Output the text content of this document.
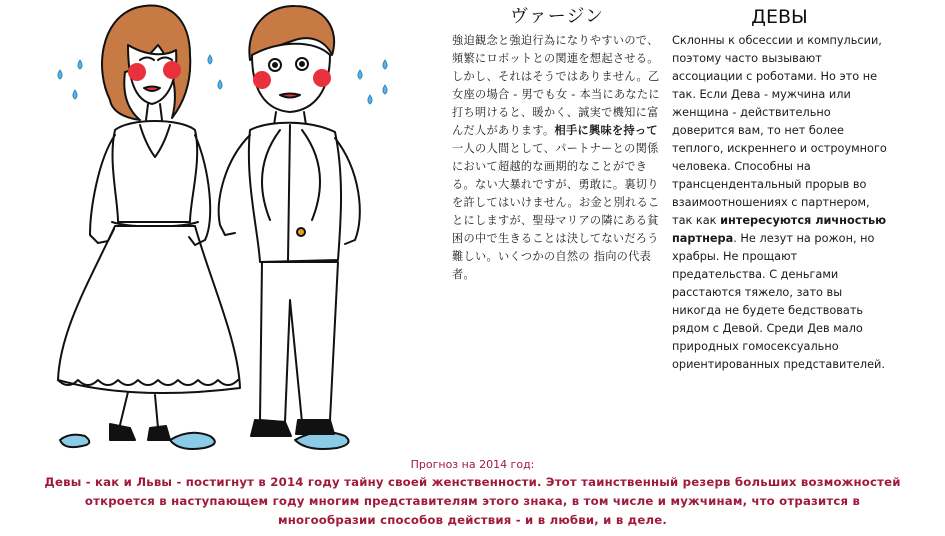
ヴァージン
強迫観念と強迫行為になりやすいので、頻繁にロボットとの関連を想起させる。しかし、それはそうではありません。乙女座の場合 - 男でも女 - 本当にあなたに打ち明けると、暖かく、誠実で機知に富んだ人があります。相手に興味を持って一人の人間として、パートナーとの関係において超越的な画期的なことができる。ない大暴れですが、勇敢に。裏切りを許してはいけません。お金と別れることにしますが、聖母マリアの隣にある貧困の中で生きることは決してないだろう難しい。いくつかの自然の 指向の代表者。
ДЕВЫ
Склонны к обсессии и компульсии, поэтому часто вызывают ассоциации с роботами. Но это не так. Если Дева - мужчина или женщина - действительно доверится вам, то нет более теплого, искреннего и остроумного человека. Способны на трансцендентальный прорыв во взаимоотношениях с партнером, так как интересуются личностью партнера. Не лезут на рожон, но храбры. Не прощают предательства. С деньгами расстаются тяжело, зато вы никогда не будете бедствовать рядом с Девой. Среди Дев мало природных гомосексуально ориентированных представителей.
Прогноз на 2014 год:
Девы - как и Львы - постигнут в 2014 году тайну своей женственности. Этот таинственный резерв больших возможностей откроется в наступающем году многим представителям этого знака, в том числе и мужчинам, что отразится в многообразии способов действия - и в любви, и в деле.
